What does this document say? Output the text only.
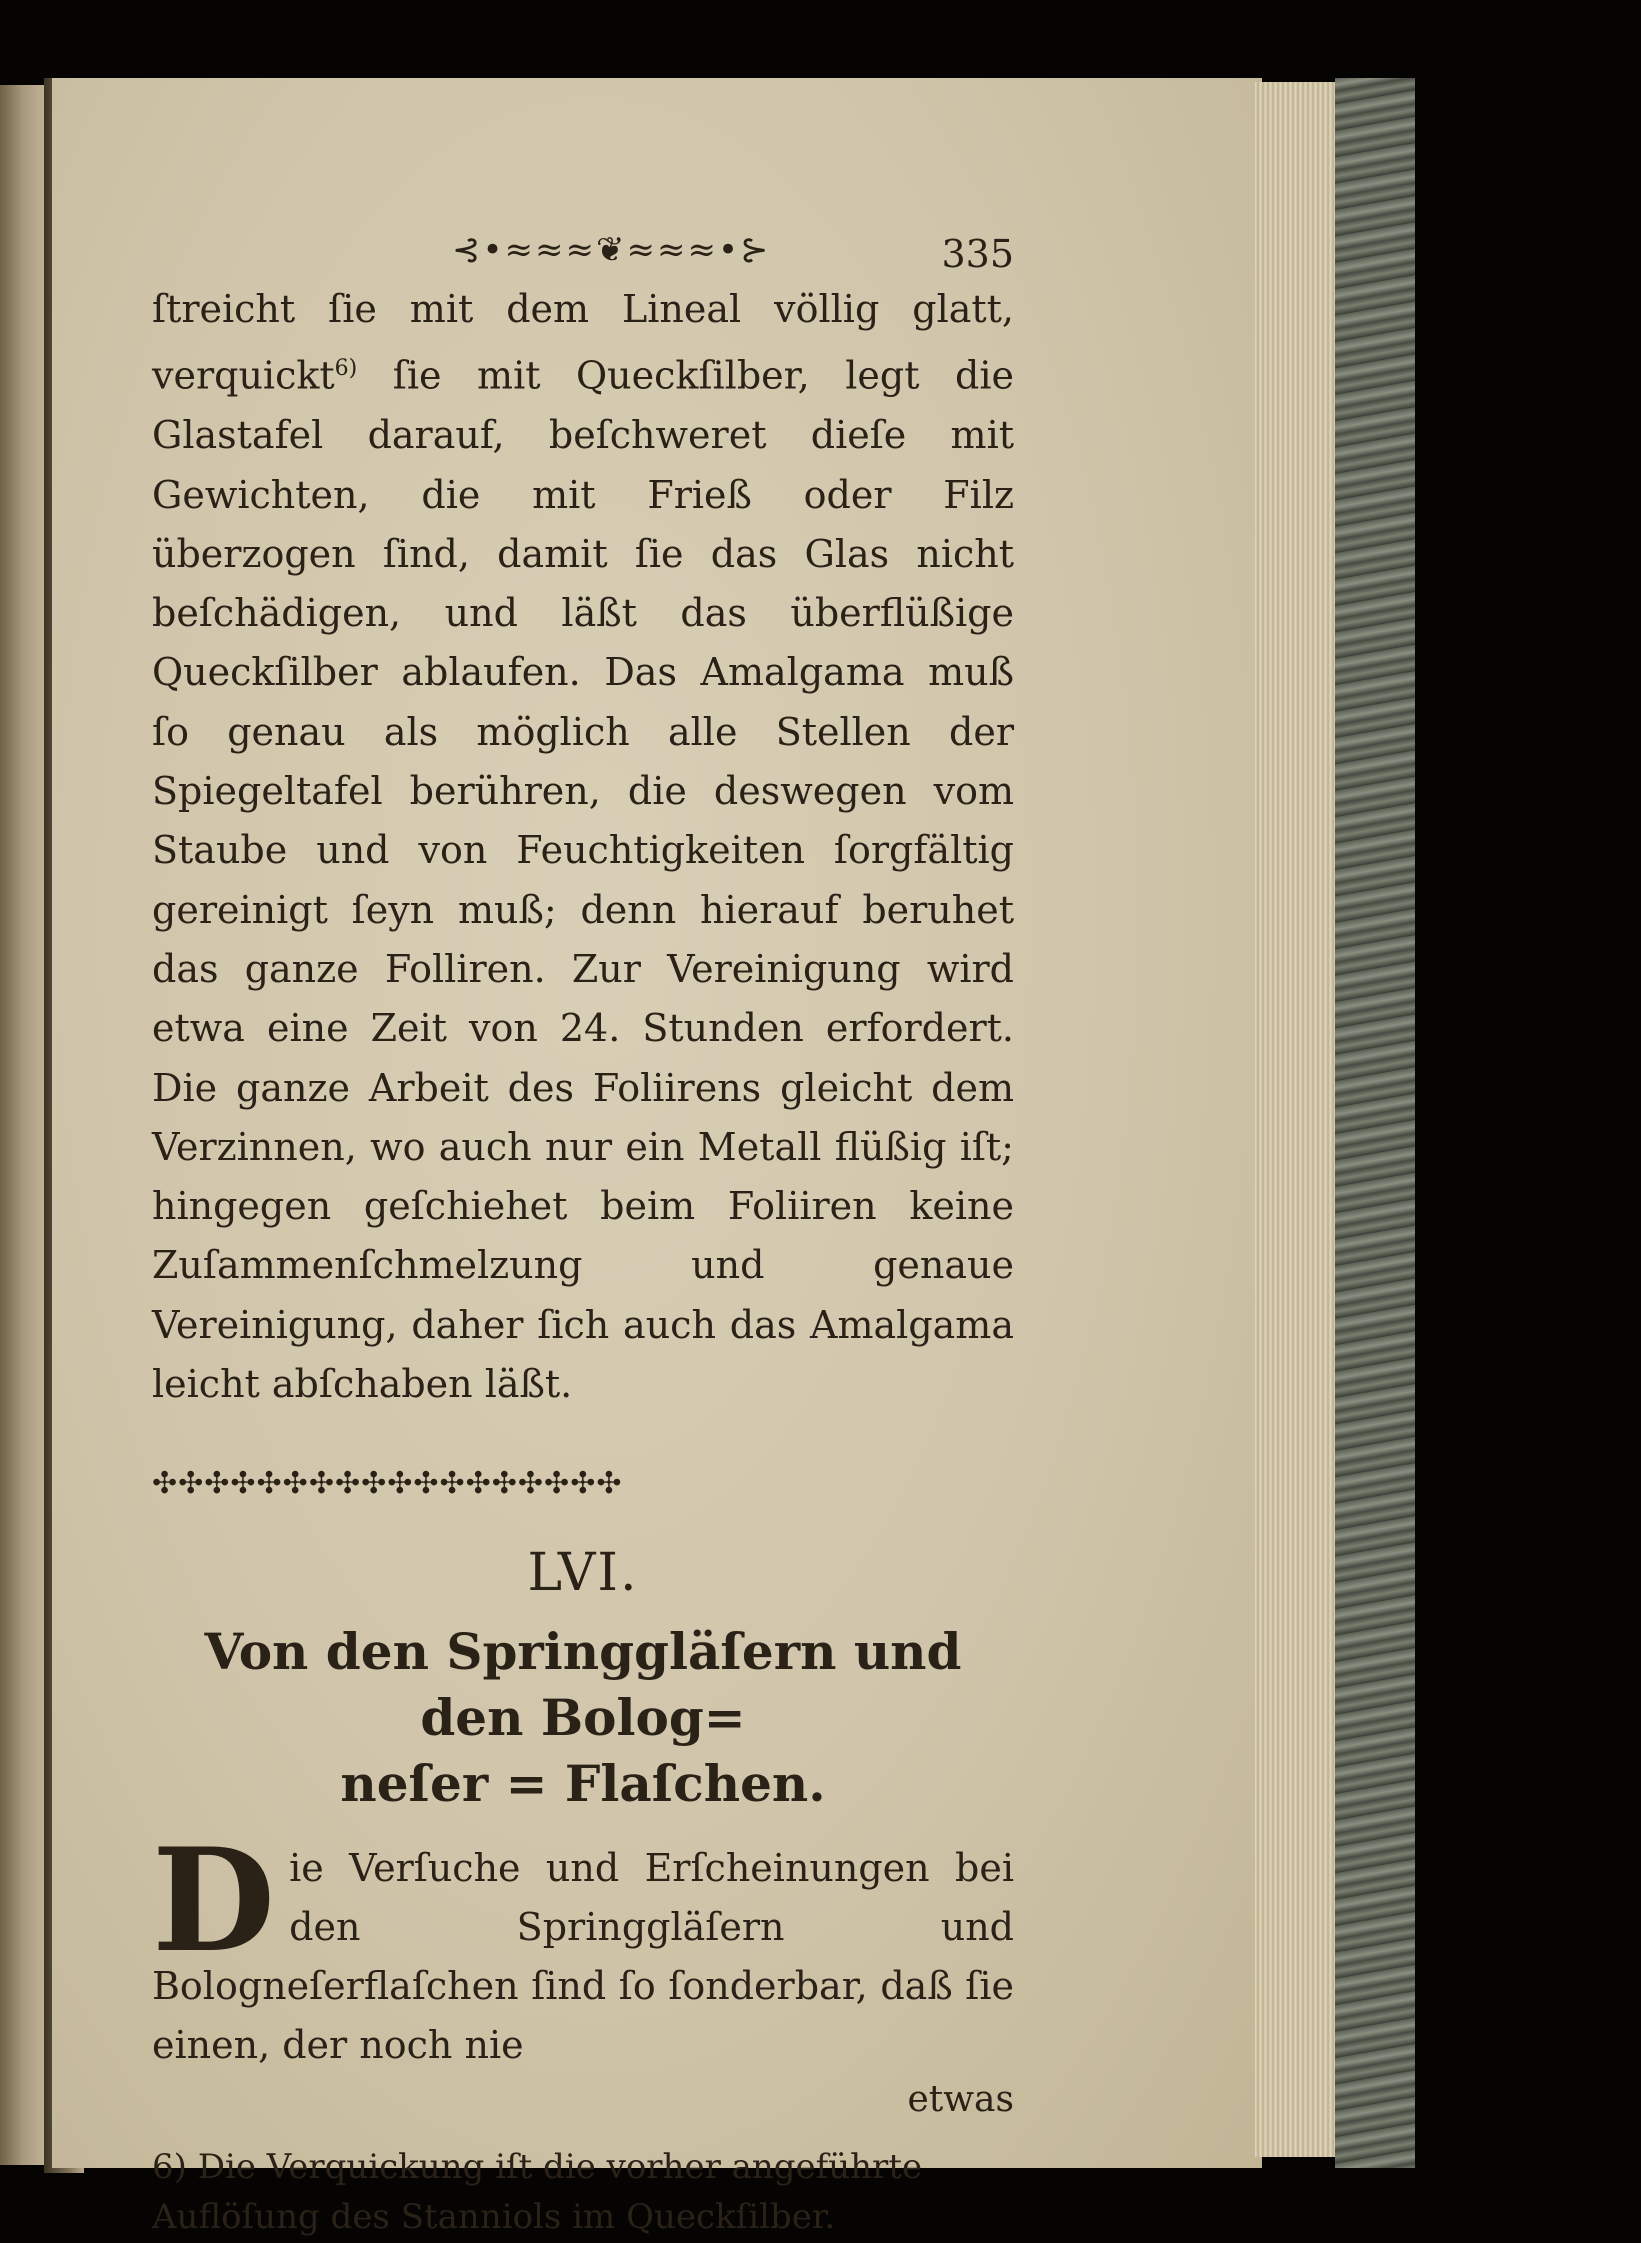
⊰•≈≈≈❦≈≈≈•⊱	335

ſtreicht ſie mit dem Lineal völlig glatt, verquickt$^{6)}$ ſie mit Queckſilber, legt die Glastafel darauf, beſchweret dieſe mit Gewichten, die mit Frieß oder Filz überzogen ſind, damit ſie das Glas nicht beſchädigen, und läßt das überflüßige Queckſilber ablaufen. Das Amalgama muß ſo genau als möglich alle Stellen der Spiegeltafel berühren, die deswegen vom Staube und von Feuchtigkeiten ſorgfältig gereinigt ſeyn muß; denn hierauf beruhet das ganze Folliren. Zur Vereinigung wird etwa eine Zeit von 24. Stunden erfordert. Die ganze Arbeit des Foliirens gleicht dem Verzinnen, wo auch nur ein Metall flüßig iſt; hingegen geſchiehet beim Foliiren keine Zuſammenſchmelzung und genaue Vereinigung, daher ſich auch das Amalgama leicht abſchaben läßt.

✣✣✣✣✣✣✣✣✣✣✣✣✣✣✣✣✣✣
LVI.
Von den Springgläſern und den Bolog=
neſer = Flaſchen.
Die Verſuche und Erſcheinungen bei den Springgläſern und Bologneſerflaſchen ſind ſo ſonderbar, daß ſie einen, der noch nie
etwas
6) Die Verquickung iſt die vorher angeführte Auflöſung des Stanniols im Queckſilber.
